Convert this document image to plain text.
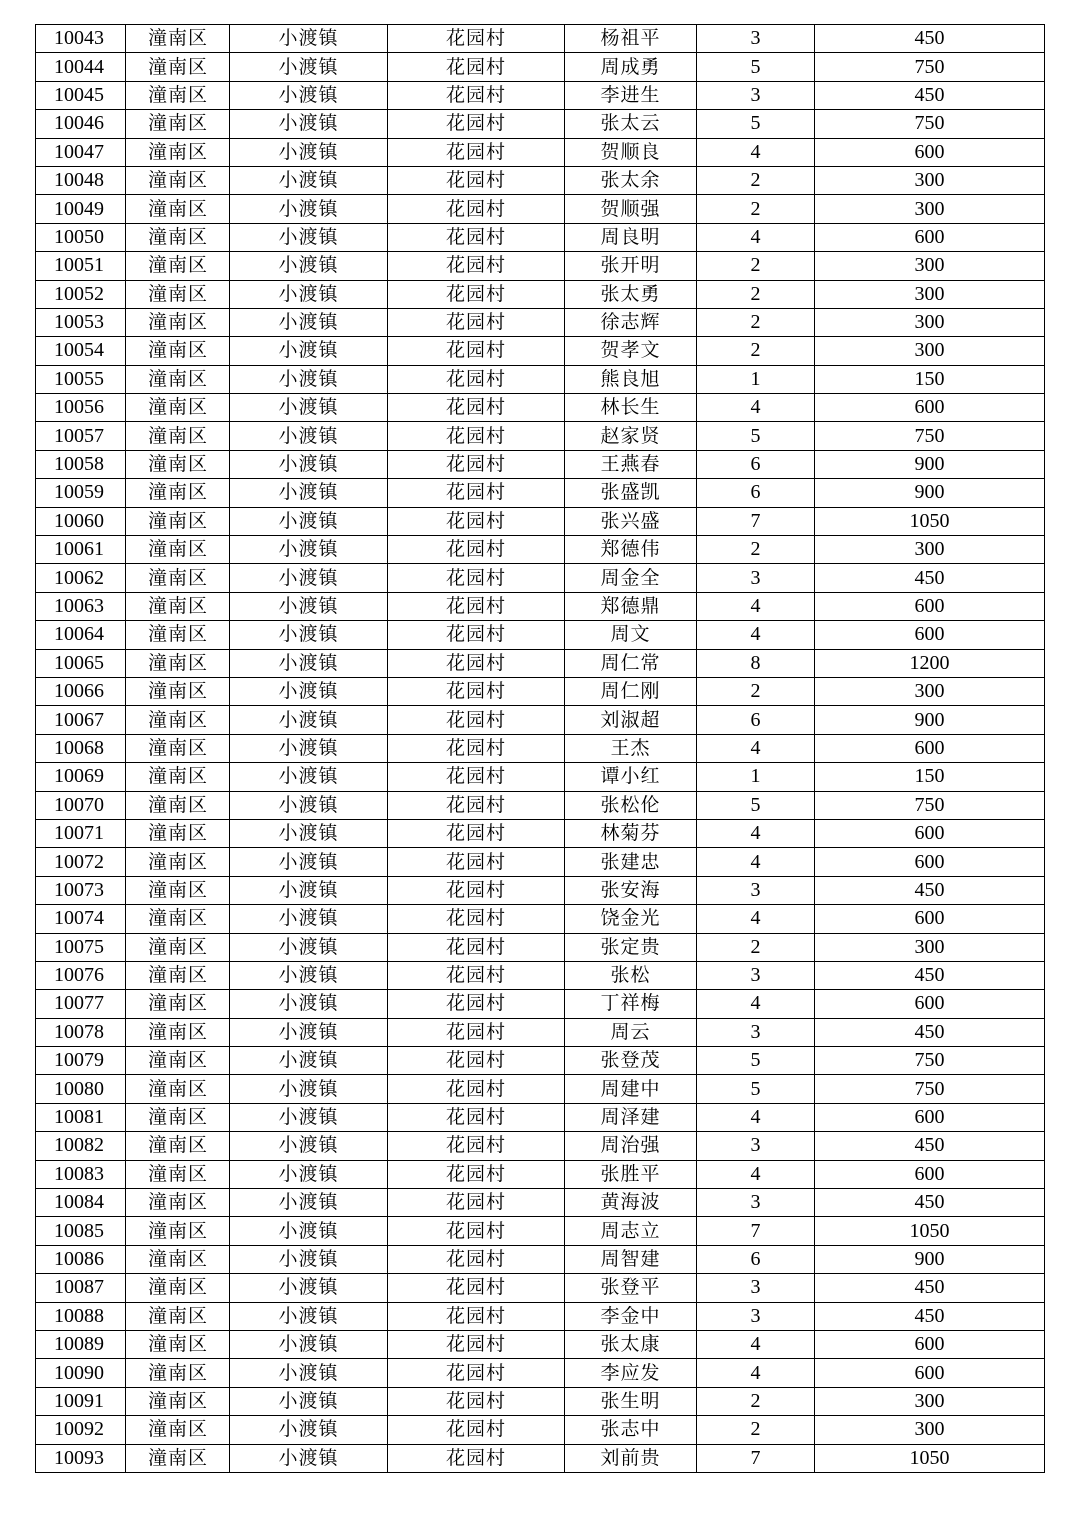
10043	潼南区	小渡镇	花园村	杨祖平	3	450
10044	潼南区	小渡镇	花园村	周成勇	5	750
10045	潼南区	小渡镇	花园村	李进生	3	450
10046	潼南区	小渡镇	花园村	张太云	5	750
10047	潼南区	小渡镇	花园村	贺顺良	4	600
10048	潼南区	小渡镇	花园村	张太余	2	300
10049	潼南区	小渡镇	花园村	贺顺强	2	300
10050	潼南区	小渡镇	花园村	周良明	4	600
10051	潼南区	小渡镇	花园村	张开明	2	300
10052	潼南区	小渡镇	花园村	张太勇	2	300
10053	潼南区	小渡镇	花园村	徐志辉	2	300
10054	潼南区	小渡镇	花园村	贺孝文	2	300
10055	潼南区	小渡镇	花园村	熊良旭	1	150
10056	潼南区	小渡镇	花园村	林长生	4	600
10057	潼南区	小渡镇	花园村	赵家贤	5	750
10058	潼南区	小渡镇	花园村	王燕春	6	900
10059	潼南区	小渡镇	花园村	张盛凯	6	900
10060	潼南区	小渡镇	花园村	张兴盛	7	1050
10061	潼南区	小渡镇	花园村	郑德伟	2	300
10062	潼南区	小渡镇	花园村	周金全	3	450
10063	潼南区	小渡镇	花园村	郑德鼎	4	600
10064	潼南区	小渡镇	花园村	周文	4	600
10065	潼南区	小渡镇	花园村	周仁常	8	1200
10066	潼南区	小渡镇	花园村	周仁刚	2	300
10067	潼南区	小渡镇	花园村	刘淑超	6	900
10068	潼南区	小渡镇	花园村	王杰	4	600
10069	潼南区	小渡镇	花园村	谭小红	1	150
10070	潼南区	小渡镇	花园村	张松伦	5	750
10071	潼南区	小渡镇	花园村	林菊芬	4	600
10072	潼南区	小渡镇	花园村	张建忠	4	600
10073	潼南区	小渡镇	花园村	张安海	3	450
10074	潼南区	小渡镇	花园村	饶金光	4	600
10075	潼南区	小渡镇	花园村	张定贵	2	300
10076	潼南区	小渡镇	花园村	张松	3	450
10077	潼南区	小渡镇	花园村	丁祥梅	4	600
10078	潼南区	小渡镇	花园村	周云	3	450
10079	潼南区	小渡镇	花园村	张登茂	5	750
10080	潼南区	小渡镇	花园村	周建中	5	750
10081	潼南区	小渡镇	花园村	周泽建	4	600
10082	潼南区	小渡镇	花园村	周治强	3	450
10083	潼南区	小渡镇	花园村	张胜平	4	600
10084	潼南区	小渡镇	花园村	黄海波	3	450
10085	潼南区	小渡镇	花园村	周志立	7	1050
10086	潼南区	小渡镇	花园村	周智建	6	900
10087	潼南区	小渡镇	花园村	张登平	3	450
10088	潼南区	小渡镇	花园村	李金中	3	450
10089	潼南区	小渡镇	花园村	张太康	4	600
10090	潼南区	小渡镇	花园村	李应发	4	600
10091	潼南区	小渡镇	花园村	张生明	2	300
10092	潼南区	小渡镇	花园村	张志中	2	300
10093	潼南区	小渡镇	花园村	刘前贵	7	1050
